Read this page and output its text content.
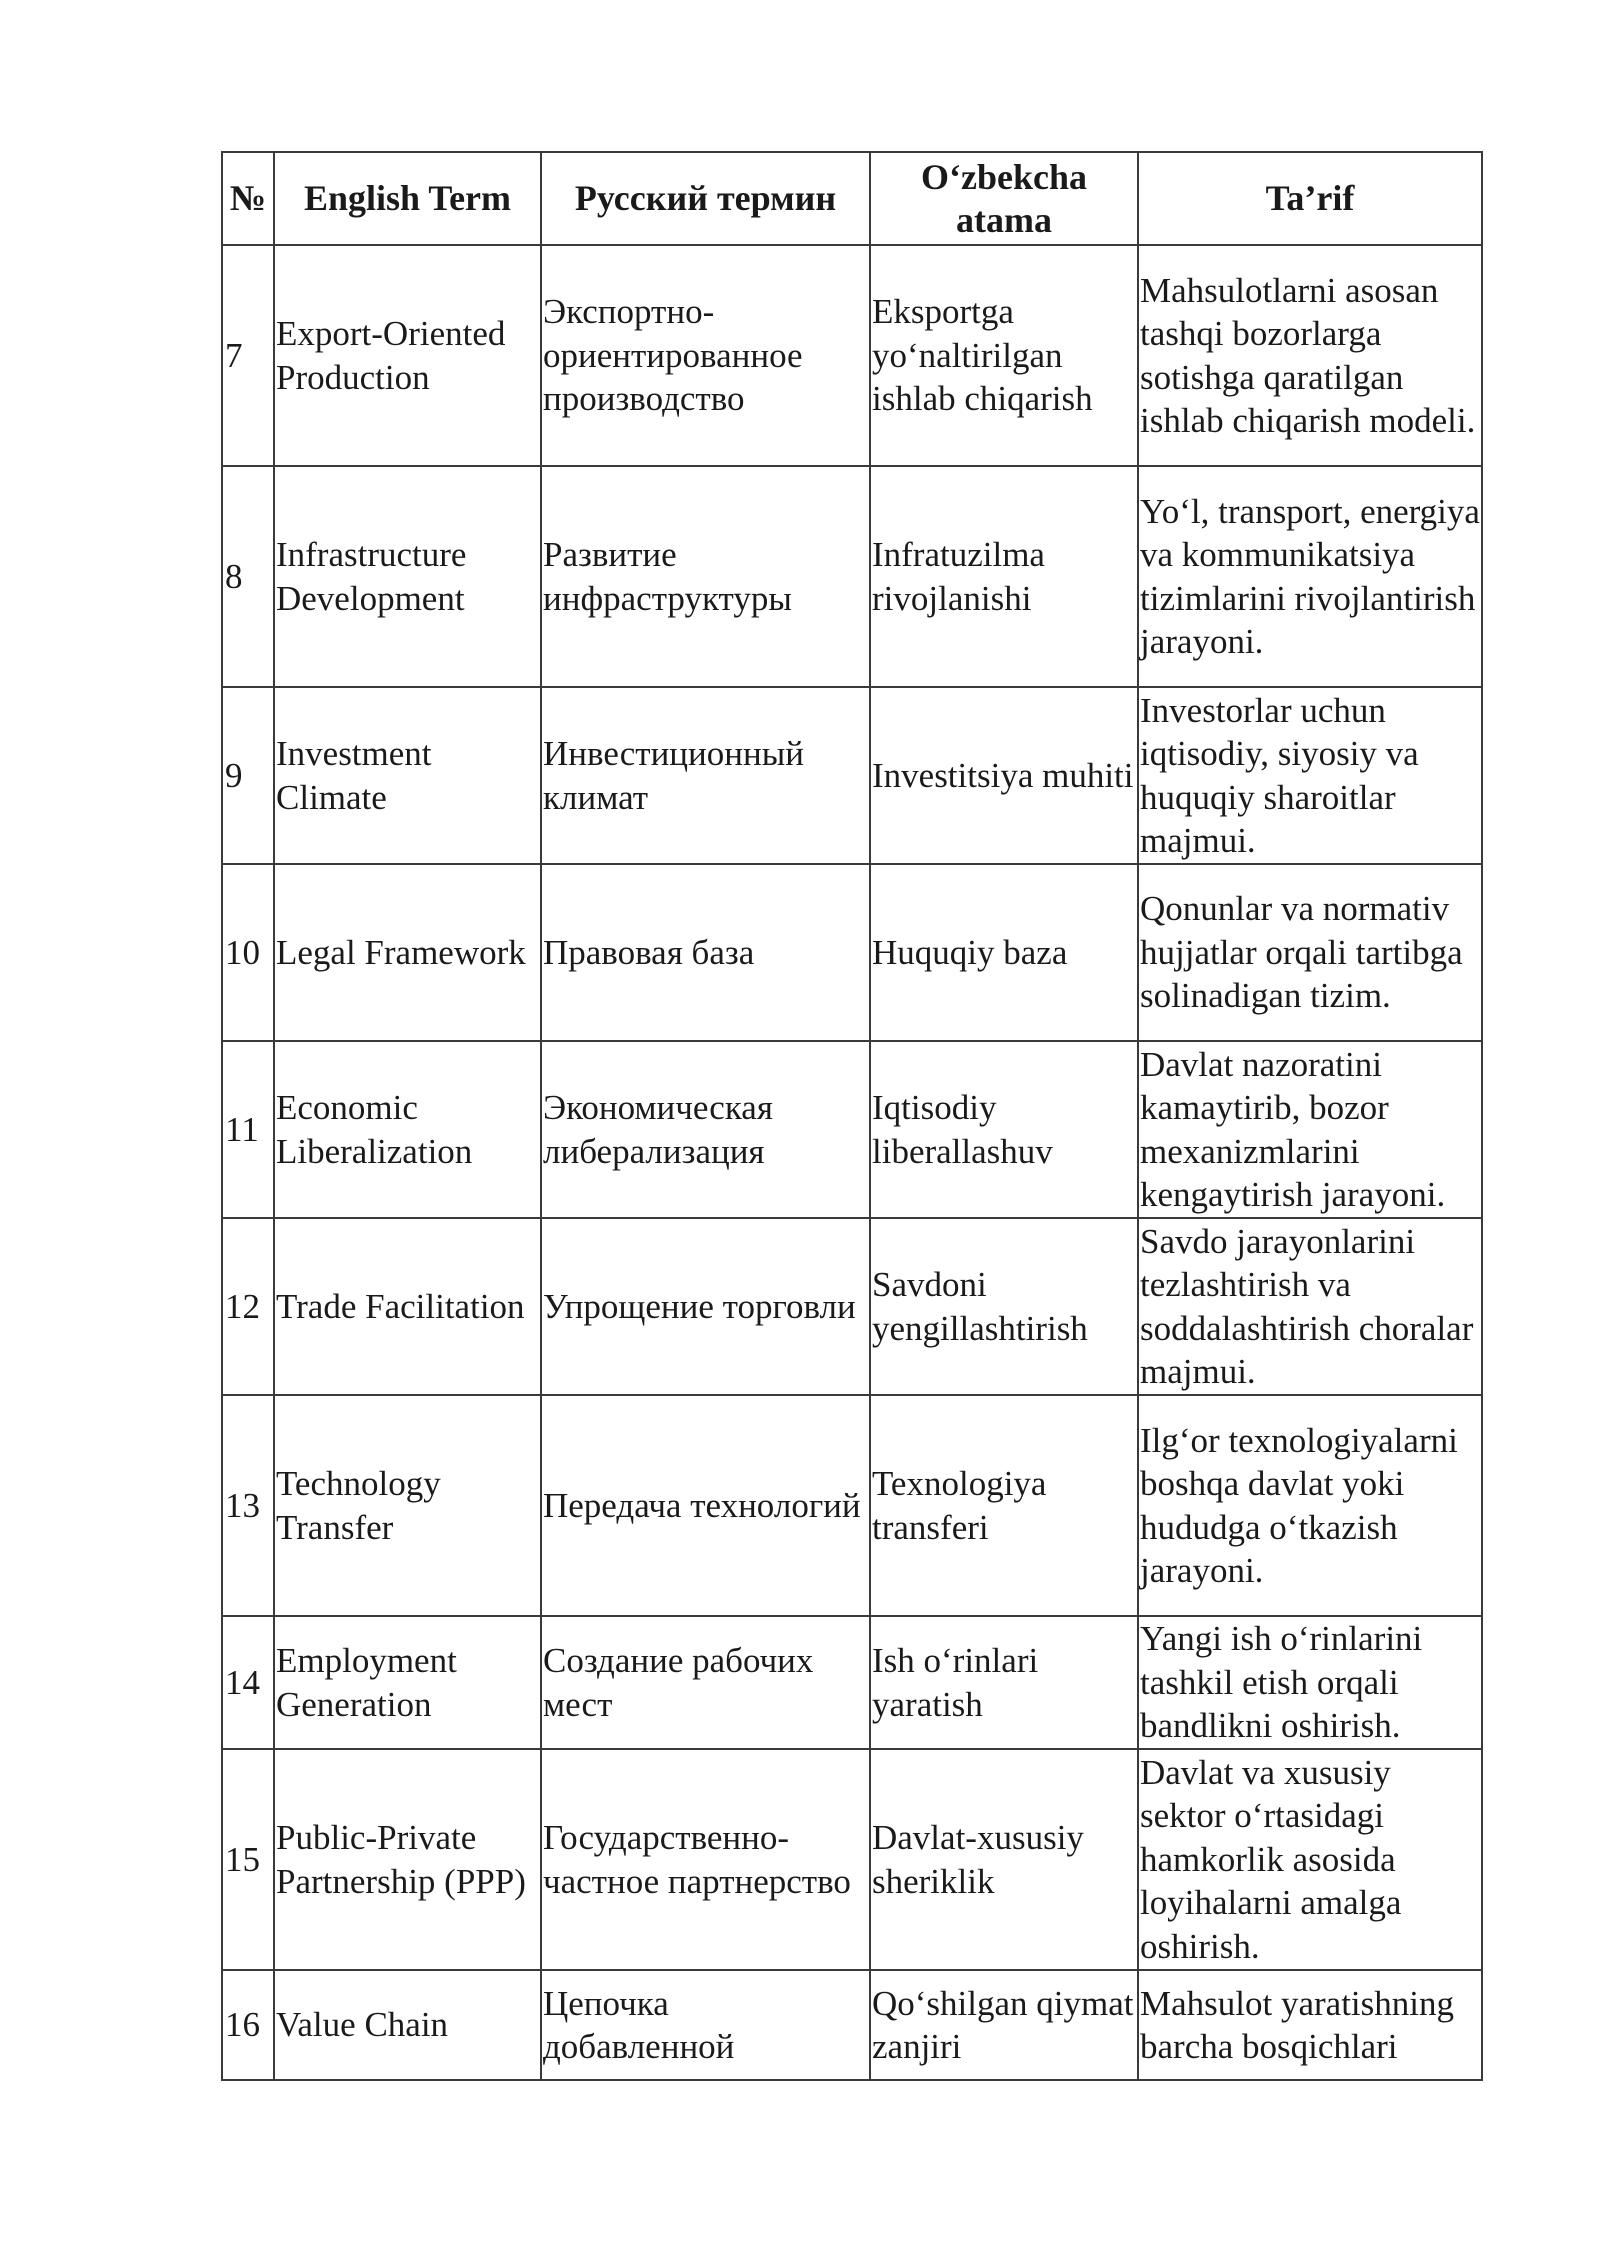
№	English Term	Русский термин	O‘zbekcha atama	Ta’rif
7	Export-Oriented Production	Экспортно-ориентированное производство	Eksportga yo‘naltirilgan ishlab chiqarish	Mahsulotlarni asosan tashqi bozorlarga sotishga qaratilgan ishlab chiqarish modeli.
8	Infrastructure Development	Развитие инфраструктуры	Infratuzilma rivojlanishi	Yo‘l, transport, energiya va kommunikatsiya tizimlarini rivojlantirish jarayoni.
9	Investment Climate	Инвестиционный климат	Investitsiya muhiti	Investorlar uchun iqtisodiy, siyosiy va huquqiy sharoitlar majmui.
10	Legal Framework	Правовая база	Huquqiy baza	Qonunlar va normativ hujjatlar orqali tartibga solinadigan tizim.
11	Economic Liberalization	Экономическая либерализация	Iqtisodiy liberallashuv	Davlat nazoratini kamaytirib, bozor mexanizmlarini kengaytirish jarayoni.
12	Trade Facilitation	Упрощение торговли	Savdoni yengillashtirish	Savdo jarayonlarini tezlashtirish va soddalashtirish choralar majmui.
13	Technology Transfer	Передача технологий	Texnologiya transferi	Ilg‘or texnologiyalarni boshqa davlat yoki hududga o‘tkazish jarayoni.
14	Employment Generation	Создание рабочих мест	Ish o‘rinlari yaratish	Yangi ish o‘rinlarini tashkil etish orqali bandlikni oshirish.
15	Public-Private Partnership (PPP)	Государственно-частное партнерство	Davlat-xususiy sheriklik	Davlat va xususiy sektor o‘rtasidagi hamkorlik asosida loyihalarni amalga oshirish.
16	Value Chain	Цепочка добавленной	Qo‘shilgan qiymat zanjiri	Mahsulot yaratishning barcha bosqichlari
